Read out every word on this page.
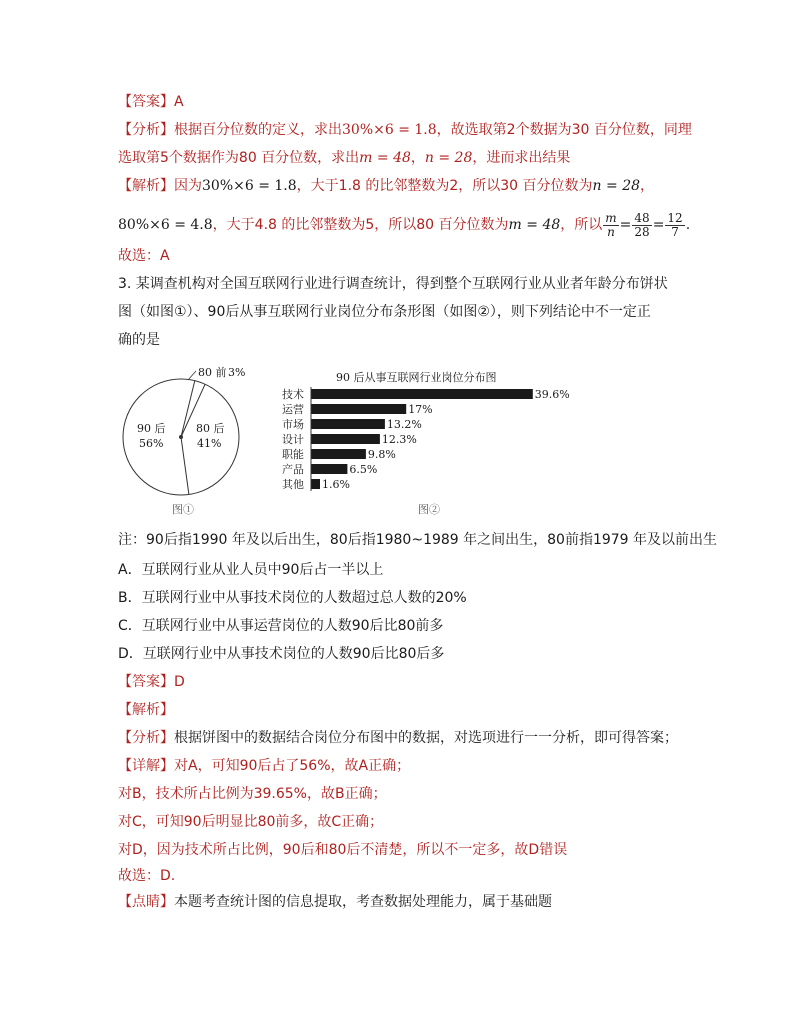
【答案】A
【分析】根据百分位数的定义，求出30%×6 = 1.8，故选取第2个数据为30 百分位数，同理
选取第5个数据作为80 百分位数，求出m = 48，n = 28，进而求出结果
【解析】因为30%×6 = 1.8，大于1.8 的比邻整数为2，所以30 百分位数为n = 28，
80%×6 = 4.8，大于4.8 的比邻整数为5，所以80 百分位数为m = 48，所以 $\frac{m}{n} = \frac{48}{28} = \frac{12}{7}$ .
故选：A
3. 某调查机构对全国互联网行业进行调查统计，得到整个互联网行业从业者年龄分布饼状
图（如图①）、90后从事互联网行业岗位分布条形图（如图②），则下列结论中不一定正
确的是
80 前 3%
90 后
56%
80 后
41%
图①
90 后从事互联网行业岗位分布图
图②
技术	39.6%
运营	17%
市场	13.2%
设计	12.3%
职能	9.8%
产品	6.5%
其他 1.6%
注：90后指1990 年及以后出生，80后指1980~1989 年之间出生，80前指1979 年及以前出生
A．互联网行业从业人员中90后占一半以上
B．互联网行业中从事技术岗位的人数超过总人数的20%
C．互联网行业中从事运营岗位的人数90后比80前多
D．互联网行业中从事技术岗位的人数90后比80后多
【答案】D
【解析】
【分析】根据饼图中的数据结合岗位分布图中的数据，对选项进行一一分析，即可得答案；
【详解】对A，可知90后占了56%，故A正确；
对B，技术所占比例为39.65%，故B正确；
对C，可知90后明显比80前多，故C正确；
对D，因为技术所占比例，90后和80后不清楚，所以不一定多，故D错误
故选：D.
【点睛】本题考查统计图的信息提取，考查数据处理能力，属于基础题
